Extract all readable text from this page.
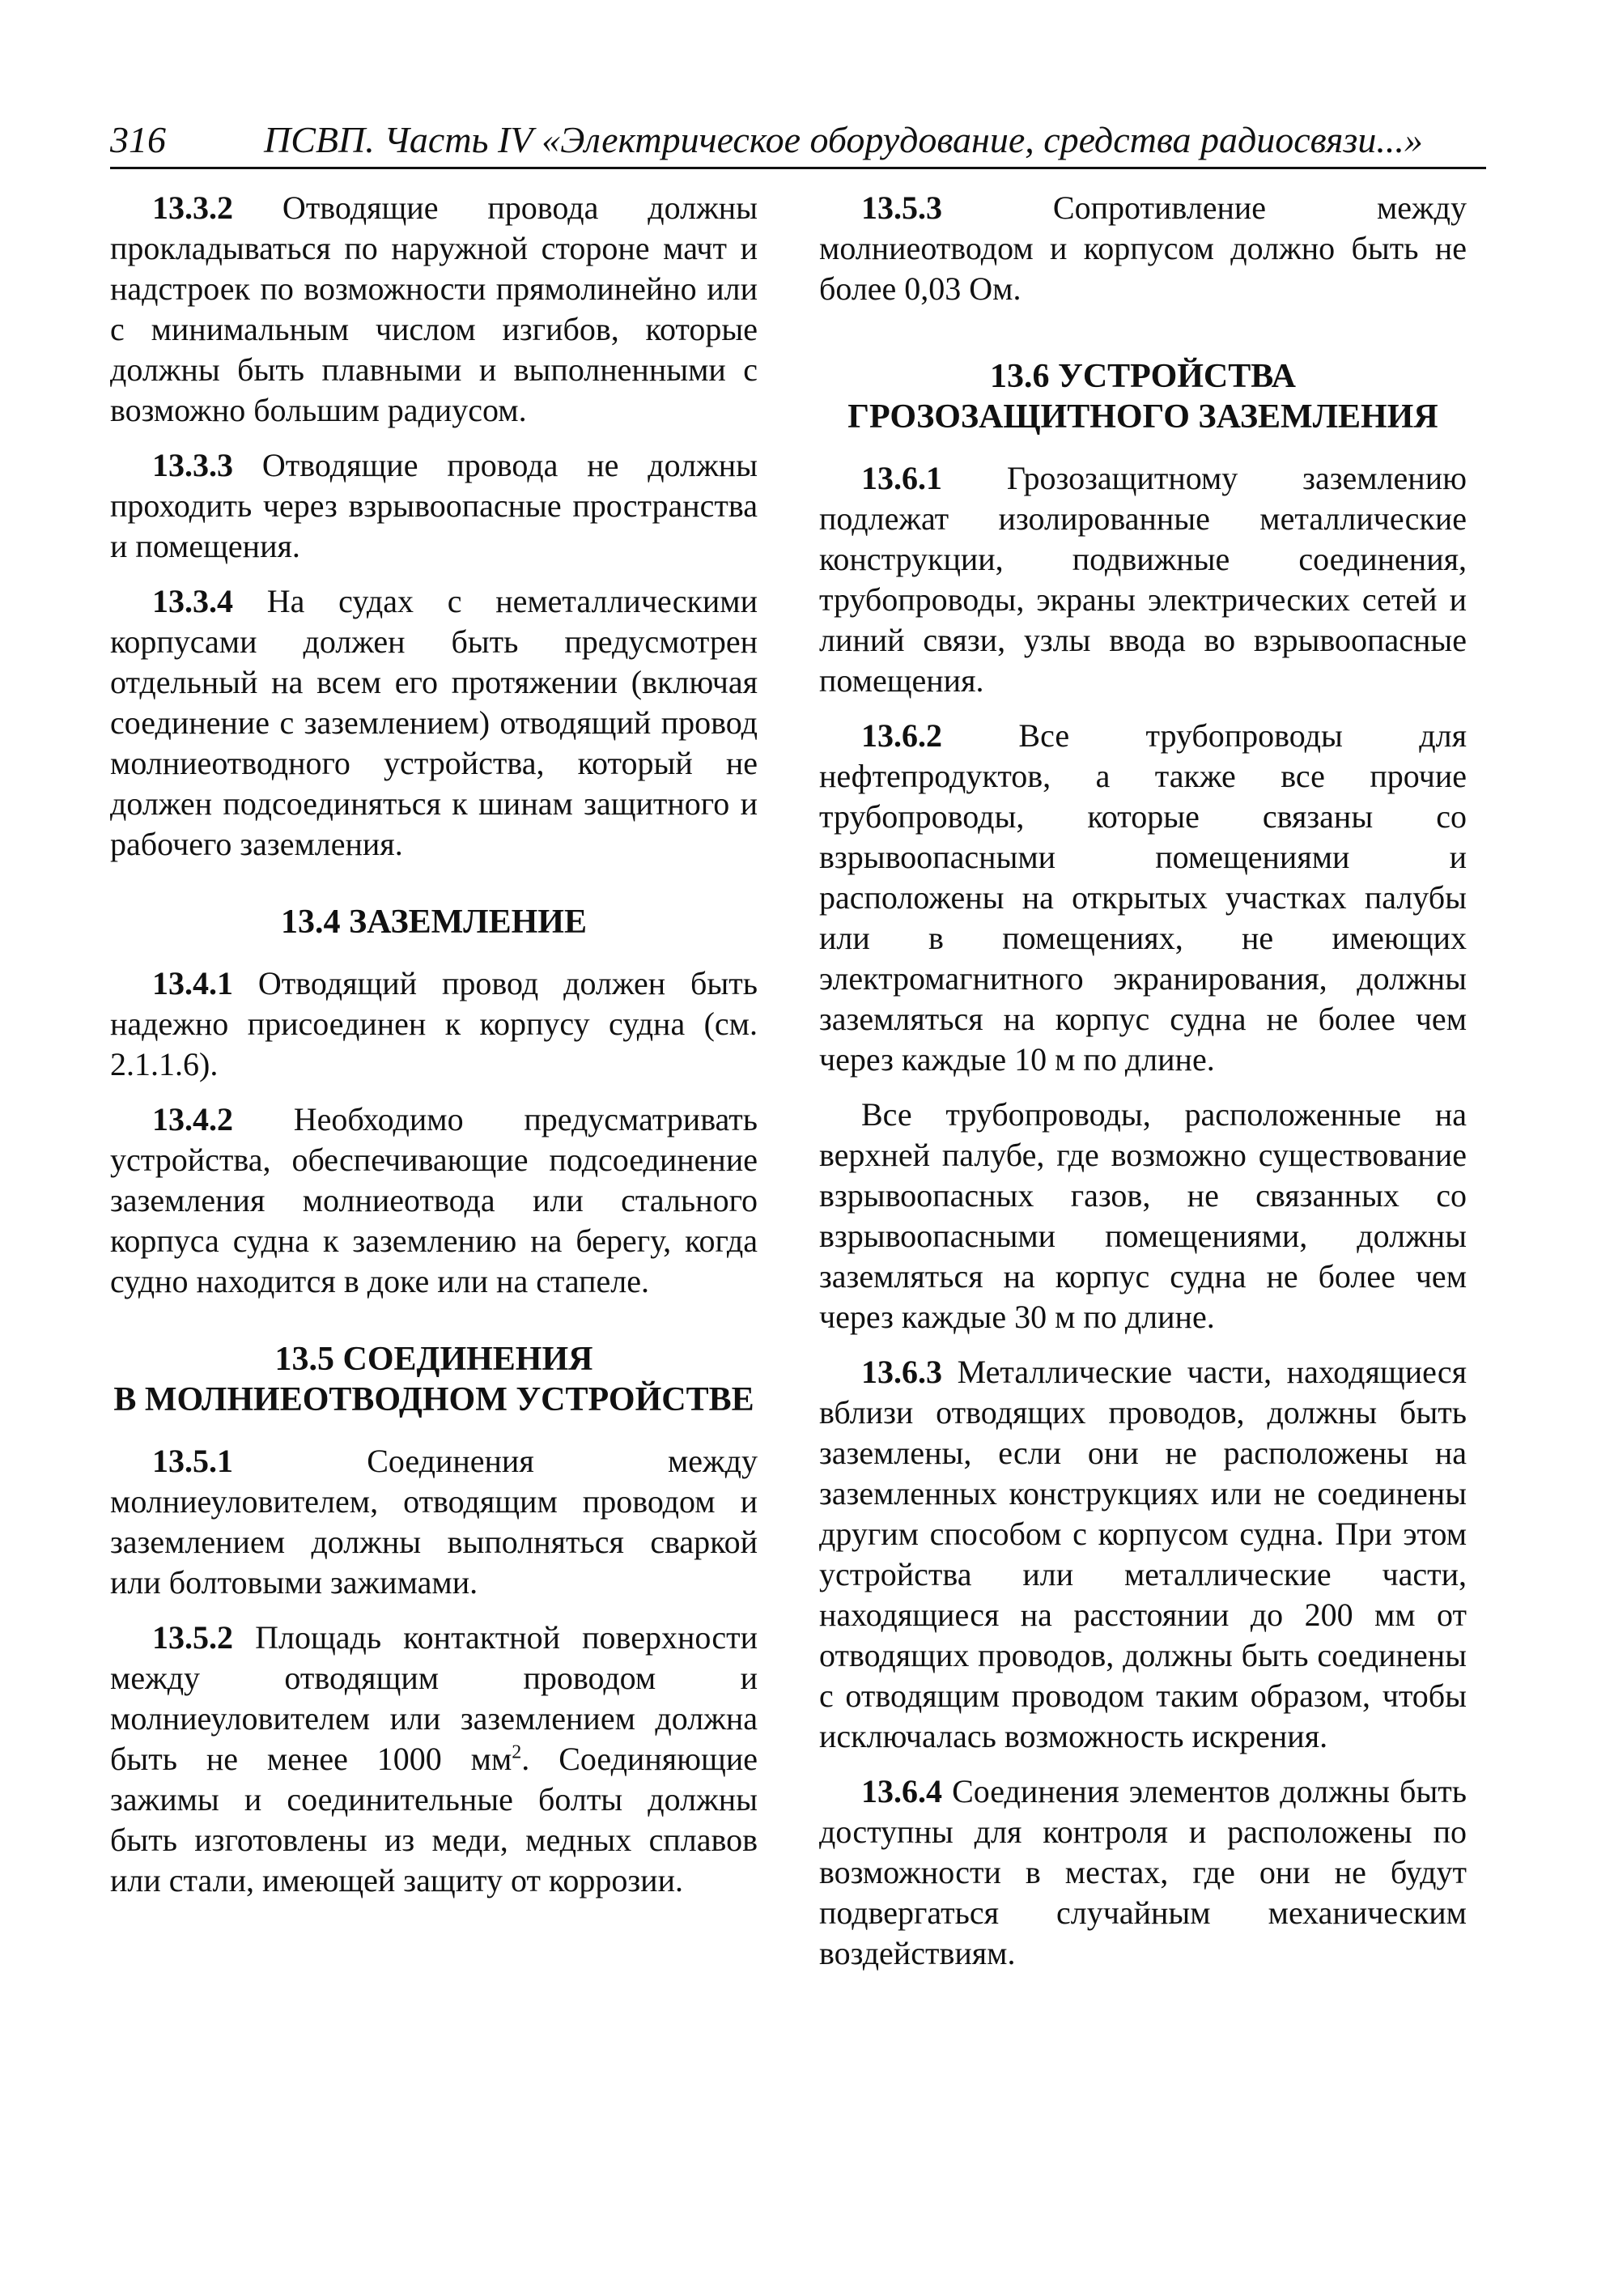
316	ПСВП. Часть IV «Электрическое оборудование, средства радиосвязи...»

13.3.2 Отводящие провода должны прокладываться по наружной стороне мачт и надстроек по возможности прямолинейно или с минимальным числом изгибов, которые должны быть плавными и выполненными с возможно большим радиусом.

13.3.3 Отводящие провода не должны проходить через взрывоопасные пространства и помещения.

13.3.4 На судах с неметаллическими корпусами должен быть предусмотрен отдельный на всем его протяжении (включая соединение с заземлением) отводящий провод молниеотводного устройства, который не должен подсоединяться к шинам защитного и рабочего заземления.

13.4 ЗАЗЕМЛЕНИЕ

13.4.1 Отводящий провод должен быть надежно присоединен к корпусу судна (см. 2.1.1.6).

13.4.2 Необходимо предусматривать устройства, обеспечивающие подсоединение заземления молниеотвода или стального корпуса судна к заземлению на берегу, когда судно находится в доке или на стапеле.

13.5 СОЕДИНЕНИЯ
В МОЛНИЕОТВОДНОМ УСТРОЙСТВЕ

13.5.1 Соединения между молниеуловителем, отводящим проводом и заземлением должны выполняться сваркой или болтовыми зажимами.

13.5.2 Площадь контактной поверхности между отводящим проводом и молниеуловителем или заземлением должна быть не менее 1000 $мм^2$. Соединяющие зажимы и соединительные болты должны быть изготовлены из меди, медных сплавов или стали, имеющей защиту от коррозии.

13.5.3 Сопротивление между молниеотводом и корпусом должно быть не более 0,03 Ом.

13.6 УСТРОЙСТВА
ГРОЗОЗАЩИТНОГО ЗАЗЕМЛЕНИЯ

13.6.1 Грозозащитному заземлению подлежат изолированные металлические конструкции, подвижные соединения, трубопроводы, экраны электрических сетей и линий связи, узлы ввода во взрывоопасные помещения.

13.6.2 Все трубопроводы для нефтепродуктов, а также все прочие трубопроводы, которые связаны со взрывоопасными помещениями и расположены на открытых участках палубы или в помещениях, не имеющих электромагнитного экранирования, должны заземляться на корпус судна не более чем через каждые 10 м по длине.

Все трубопроводы, расположенные на верхней палубе, где возможно существование взрывоопасных газов, не связанных со взрывоопасными помещениями, должны заземляться на корпус судна не более чем через каждые 30 м по длине.

13.6.3 Металлические части, находящиеся вблизи отводящих проводов, должны быть заземлены, если они не расположены на заземленных конструкциях или не соединены другим способом с корпусом судна. При этом устройства или металлические части, находящиеся на расстоянии до 200 мм от отводящих проводов, должны быть соединены с отводящим проводом таким образом, чтобы исключалась возможность искрения.

13.6.4 Соединения элементов должны быть доступны для контроля и расположены по возможности в местах, где они не будут подвергаться случайным механическим воздействиям.
